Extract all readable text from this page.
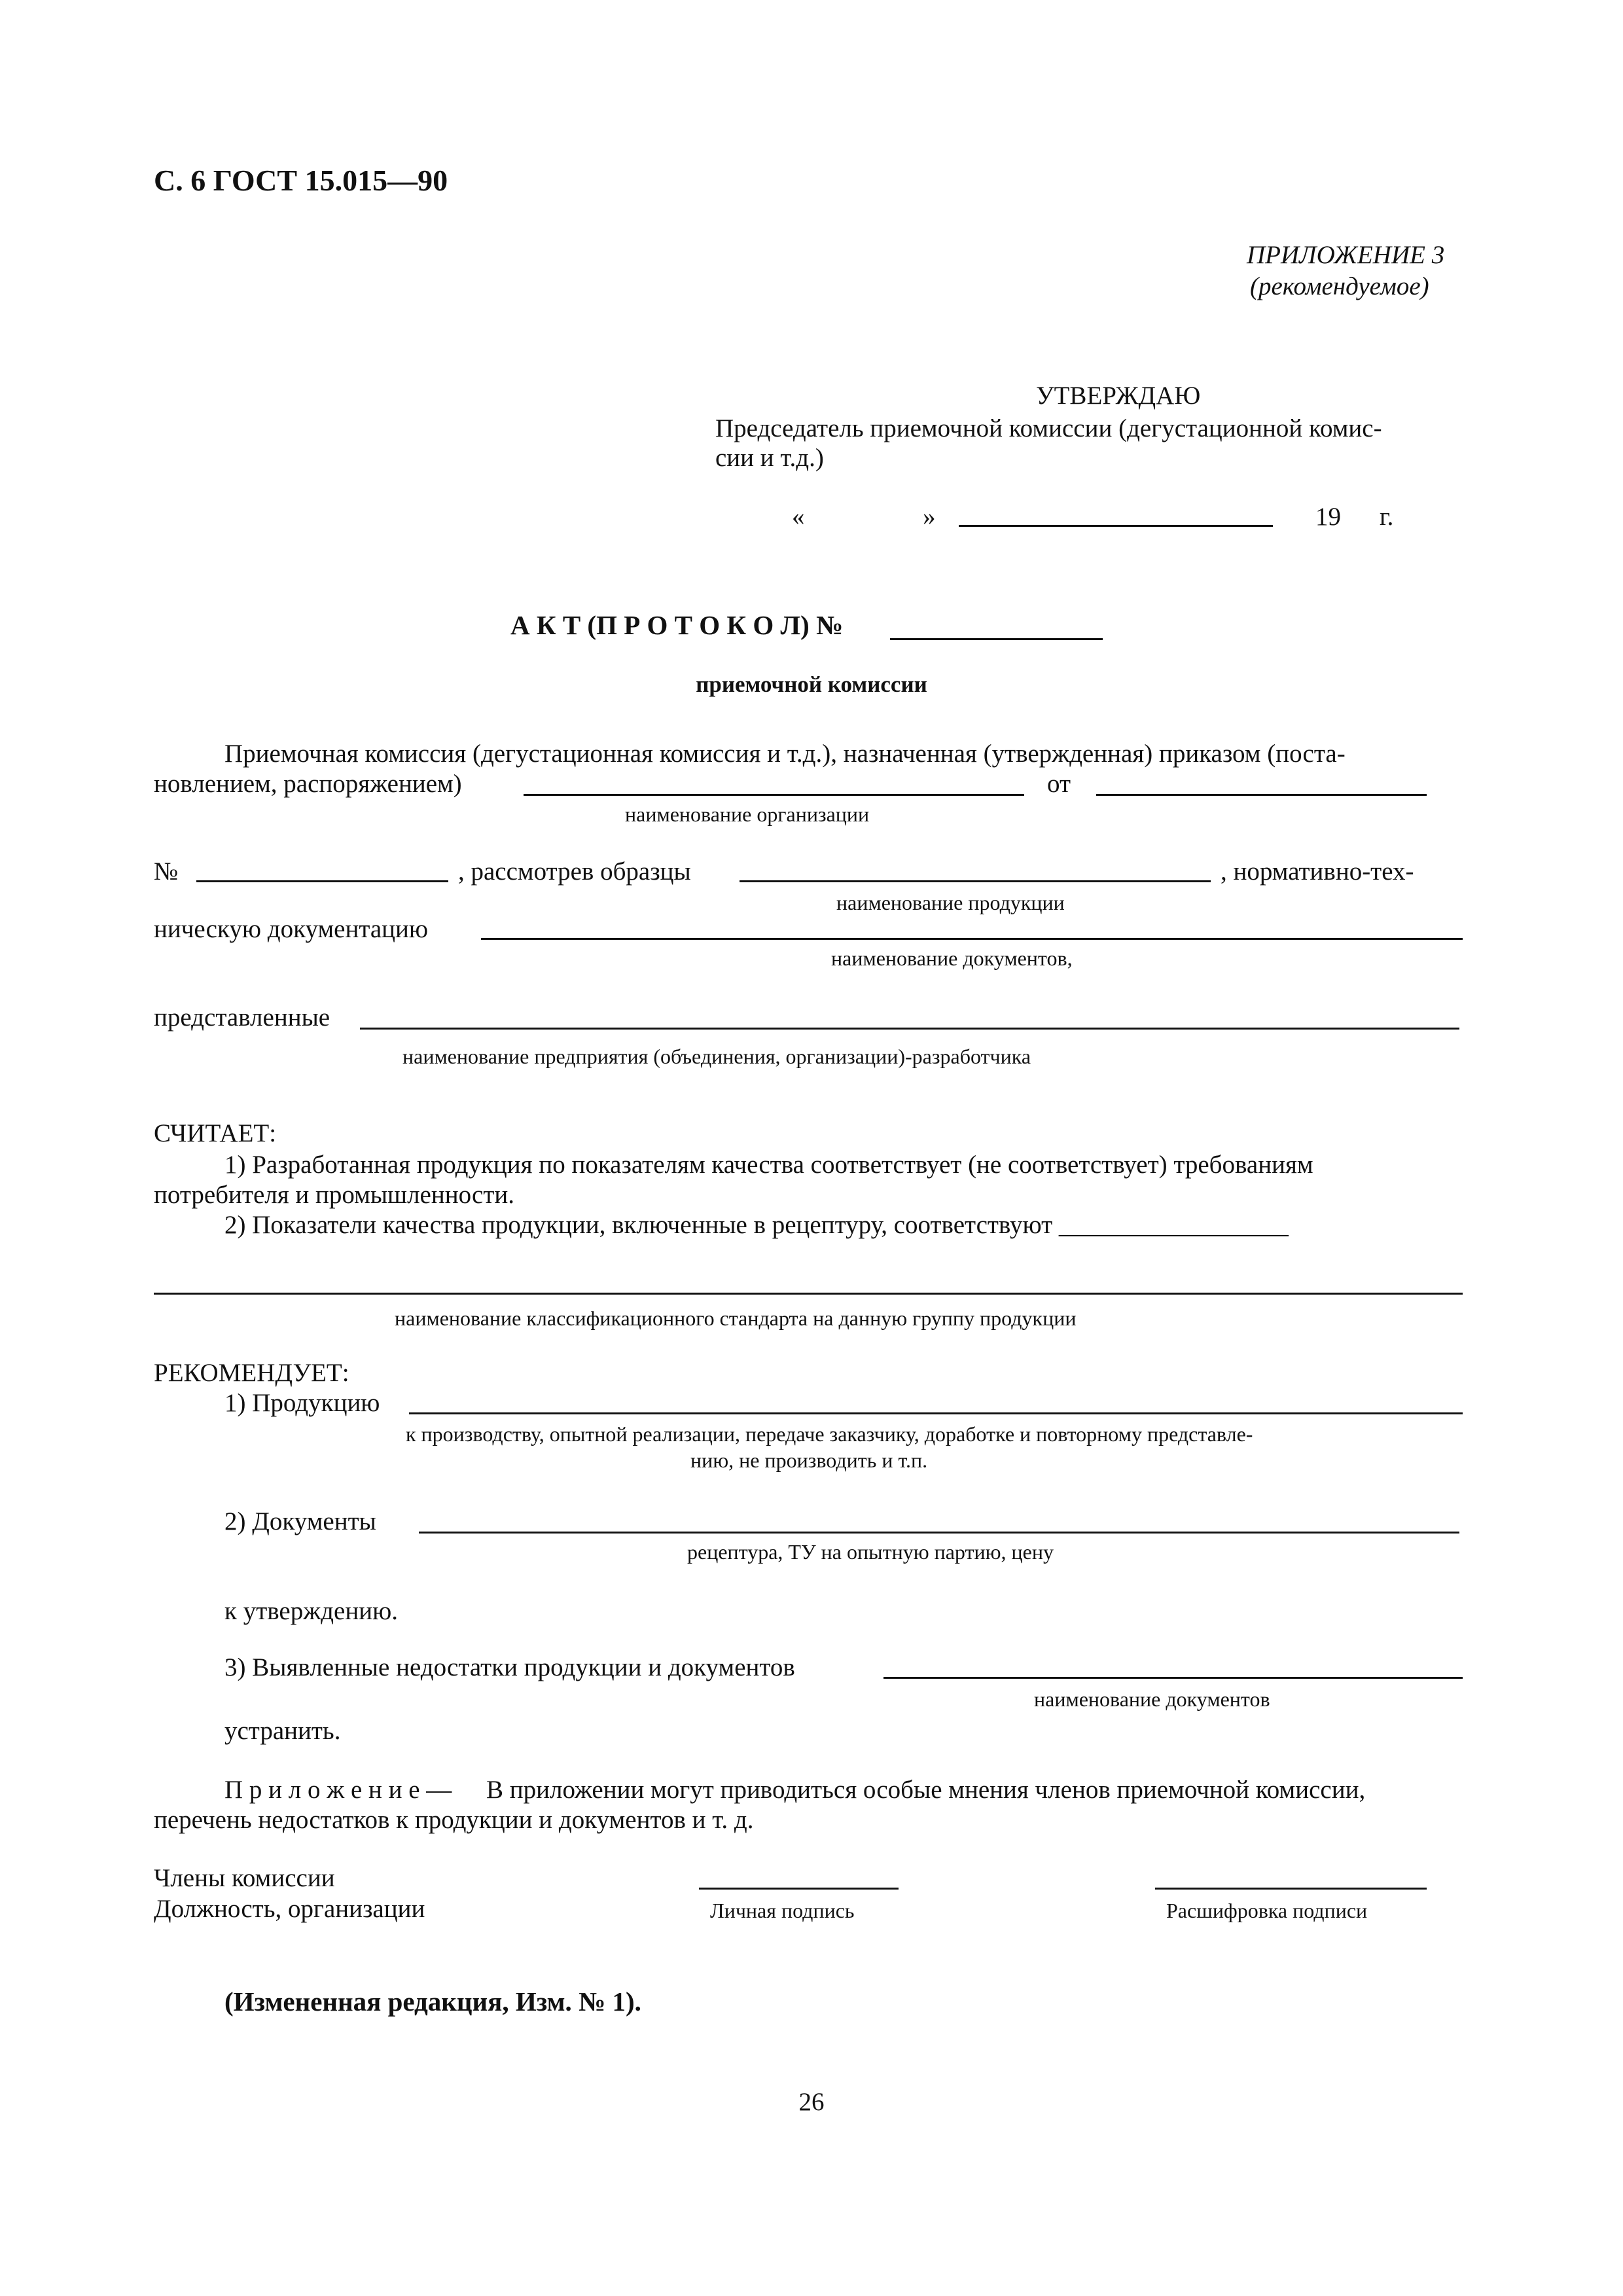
С. 6 ГОСТ 15.015—90
ПРИЛОЖЕНИЕ 3
(рекомендуемое)
УТВЕРЖДАЮ
Председатель приемочной комиссии (дегустационной комис-
сии и т.д.)
«	»	19 г.
А К Т (П Р О Т О К О Л) №
приемочной комиссии
Приемочная комиссия (дегустационная комиссия и т.д.), назначенная (утвержденная) приказом (поста-
новлением, распоряжением)	от
наименование организации
№	, рассмотрев образцы	, нормативно-тех-
наименование продукции
ническую документацию
наименование документов,
представленные
наименование предприятия (объединения, организации)-разработчика
СЧИТАЕТ:
1) Разработанная продукция по показателям качества соответствует (не соответствует) требованиям
потребителя и промышленности.
2) Показатели качества продукции, включенные в рецептуру, соответствуют __________________
наименование классификационного стандарта на данную группу продукции
РЕКОМЕНДУЕТ:
1) Продукцию
к производству, опытной реализации, передаче заказчику, доработке и повторному представле-
нию, не производить и т.п.
2) Документы
рецептура, ТУ на опытную партию, цену
к утверждению.
3) Выявленные недостатки продукции и документов
наименование документов
устранить.
П р и л о ж е н и е — В приложении могут приводиться особые мнения членов приемочной комиссии,
перечень недостатков к продукции и документов и т. д.
Члены комиссии
Должность, организации	Личная подпись	Расшифровка подписи
(Измененная редакция, Изм. № 1).
26
